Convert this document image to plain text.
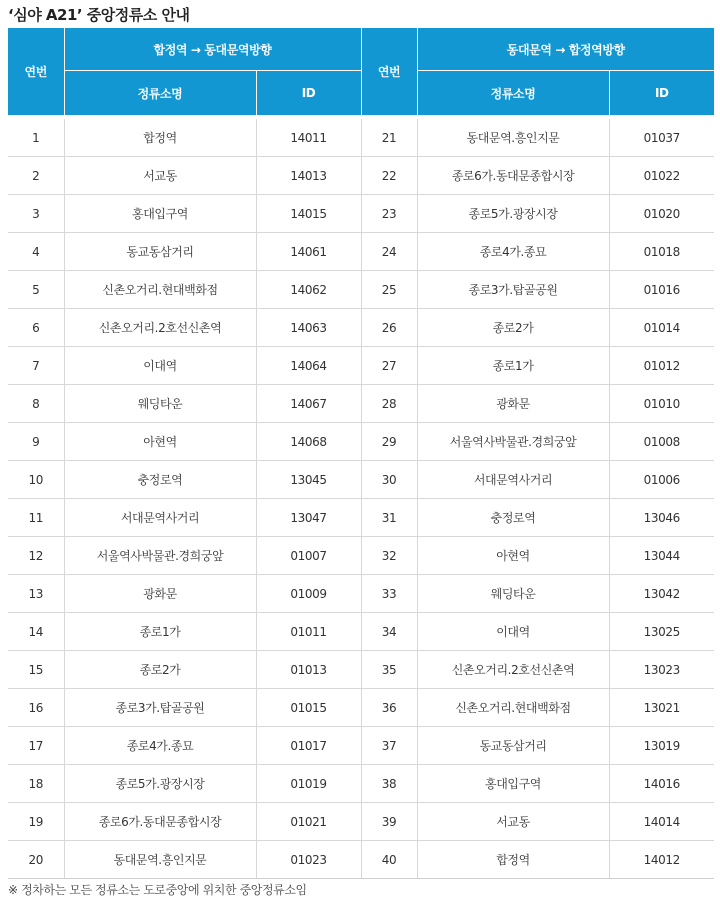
‘심야 A21’ 중앙정류소 안내
연번	합정역 → 동대문역방향		연번	동대문역 → 합정역방향	
	정류소명	ID		정류소명	ID

1	합정역	14011	21	동대문역.흥인지문	01037
2	서교동	14013	22	종로6가.동대문종합시장	01022
3	홍대입구역	14015	23	종로5가.광장시장	01020
4	동교동삼거리	14061	24	종로4가.종묘	01018
5	신촌오거리.현대백화점	14062	25	종로3가.탑골공원	01016
6	신촌오거리.2호선신촌역	14063	26	종로2가	01014
7	이대역	14064	27	종로1가	01012
8	웨딩타운	14067	28	광화문	01010
9	아현역	14068	29	서울역사박물관.경희궁앞	01008
10	충정로역	13045	30	서대문역사거리	01006
11	서대문역사거리	13047	31	충정로역	13046
12	서울역사박물관.경희궁앞	01007	32	아현역	13044
13	광화문	01009	33	웨딩타운	13042
14	종로1가	01011	34	이대역	13025
15	종로2가	01013	35	신촌오거리.2호선신촌역	13023
16	종로3가.탑골공원	01015	36	신촌오거리.현대백화점	13021
17	종로4가.종묘	01017	37	동교동삼거리	13019
18	종로5가.광장시장	01019	38	홍대입구역	14016
19	종로6가.동대문종합시장	01021	39	서교동	14014
20	동대문역.흥인지문	01023	40	합정역	14012
※ 정차하는 모든 정류소는 도로중앙에 위치한 중앙정류소임
